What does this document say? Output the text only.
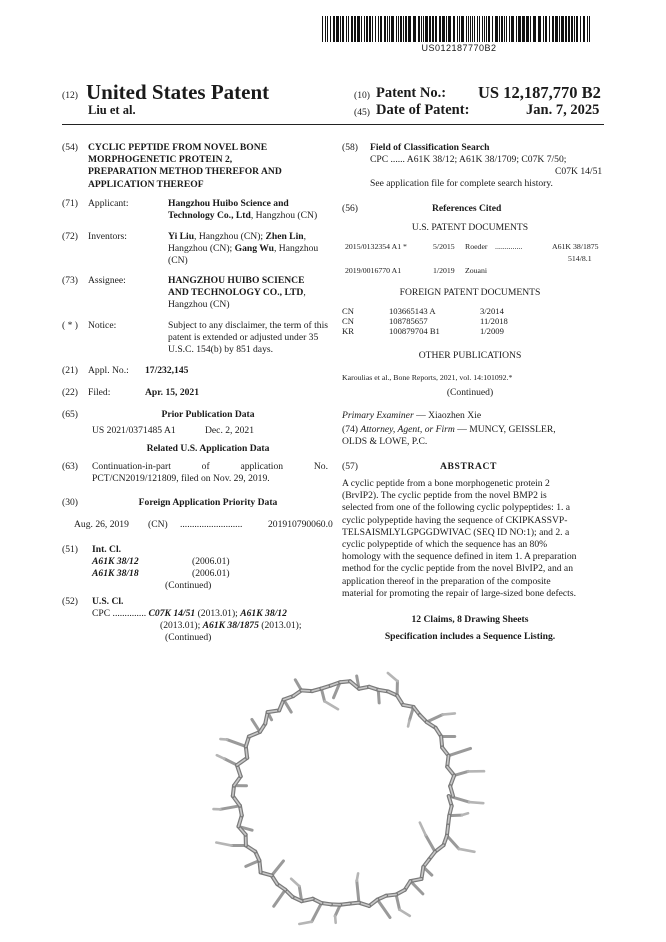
US012187770B2
(12) United States Patent
Liu et al.
(10) Patent No.: US 12,187,770 B2
(45) Date of Patent:	Jan. 7, 2025
(54) CYCLIC PEPTIDE FROM NOVEL BONE
MORPHOGENETIC PROTEIN 2,
PREPARATION METHOD THEREFOR AND
APPLICATION THEREOF
(71) Applicant:	Hangzhou Huibo Science and
Technology Co., Ltd, Hangzhou (CN)
(72) Inventors:	Yi Liu, Hangzhou (CN); Zhen Lin,
Hangzhou (CN); Gang Wu, Hangzhou
(CN)
(73) Assignee:	HANGZHOU HUIBO SCIENCE
AND TECHNOLOGY CO., LTD, Hangzhou (CN)
( * ) Notice:	Subject to any disclaimer, the term of this
patent is extended or adjusted under 35
U.S.C. 154(b) by 851 days.
(21) Appl. No.: 17/232,145
(22) Filed:	Apr. 15, 2021
(65)	Prior Publication Data
US 2021/0371485 A1	Dec. 2, 2021
Related U.S. Application Data
(63) Continuation-in-part	of	application	No.
PCT/CN2019/121809, filed on Nov. 29, 2019.
(30)	Foreign Application Priority Data
Aug. 26, 2019 (CN) ..........................	201910790060.0
(51) Int. Cl.
A61K 38/12	(2006.01)
A61K 38/18	(2006.01)
(Continued)
(52) U.S. Cl.
CPC .............. C07K 14/51 (2013.01); A61K 38/12
(2013.01); A61K 38/1875 (2013.01);
(Continued)
(58) Field of Classification Search
CPC ...... A61K 38/12; A61K 38/1709; C07K 7/50;
C07K 14/51
See application file for complete search history.
(56)	References Cited
U.S. PATENT DOCUMENTS
2015/0132354 A1 *	5/2015 Roeder ..............	A61K 38/1875
514/8.1
2019/0016770 A1	1/2019 Zouani
FOREIGN PATENT DOCUMENTS
CN	103665143 A	3/2014
CN	108785657	11/2018
KR	100879704 B1	1/2009
OTHER PUBLICATIONS
Karoulias et al., Bone Reports, 2021, vol. 14:101092.*
(Continued)
Primary Examiner — Xiaozhen Xie
(74) Attorney, Agent, or Firm — MUNCY, GEISSLER,
OLDS & LOWE, P.C.
(57)	ABSTRACT
A cyclic peptide from a bone morphogenetic protein 2
(BrvIP2). The cyclic peptide from the novel BMP2 is
selected from one of the following cyclic polypeptides: 1. a
cyclic polypeptide having the sequence of CKIPKASSVP-
TELSAISMLYLGPGGDWIVAC (SEQ ID NO:1); and 2. a
cyclic polypeptide of which the sequence has an 80%
homology with the sequence defined in item 1. A preparation
method for the cyclic peptide from the novel BlvIP2, and an
application thereof in the preparation of the composite
material for promoting the repair of large-sized bone defects.
12 Claims, 8 Drawing Sheets
Specification includes a Sequence Listing.
